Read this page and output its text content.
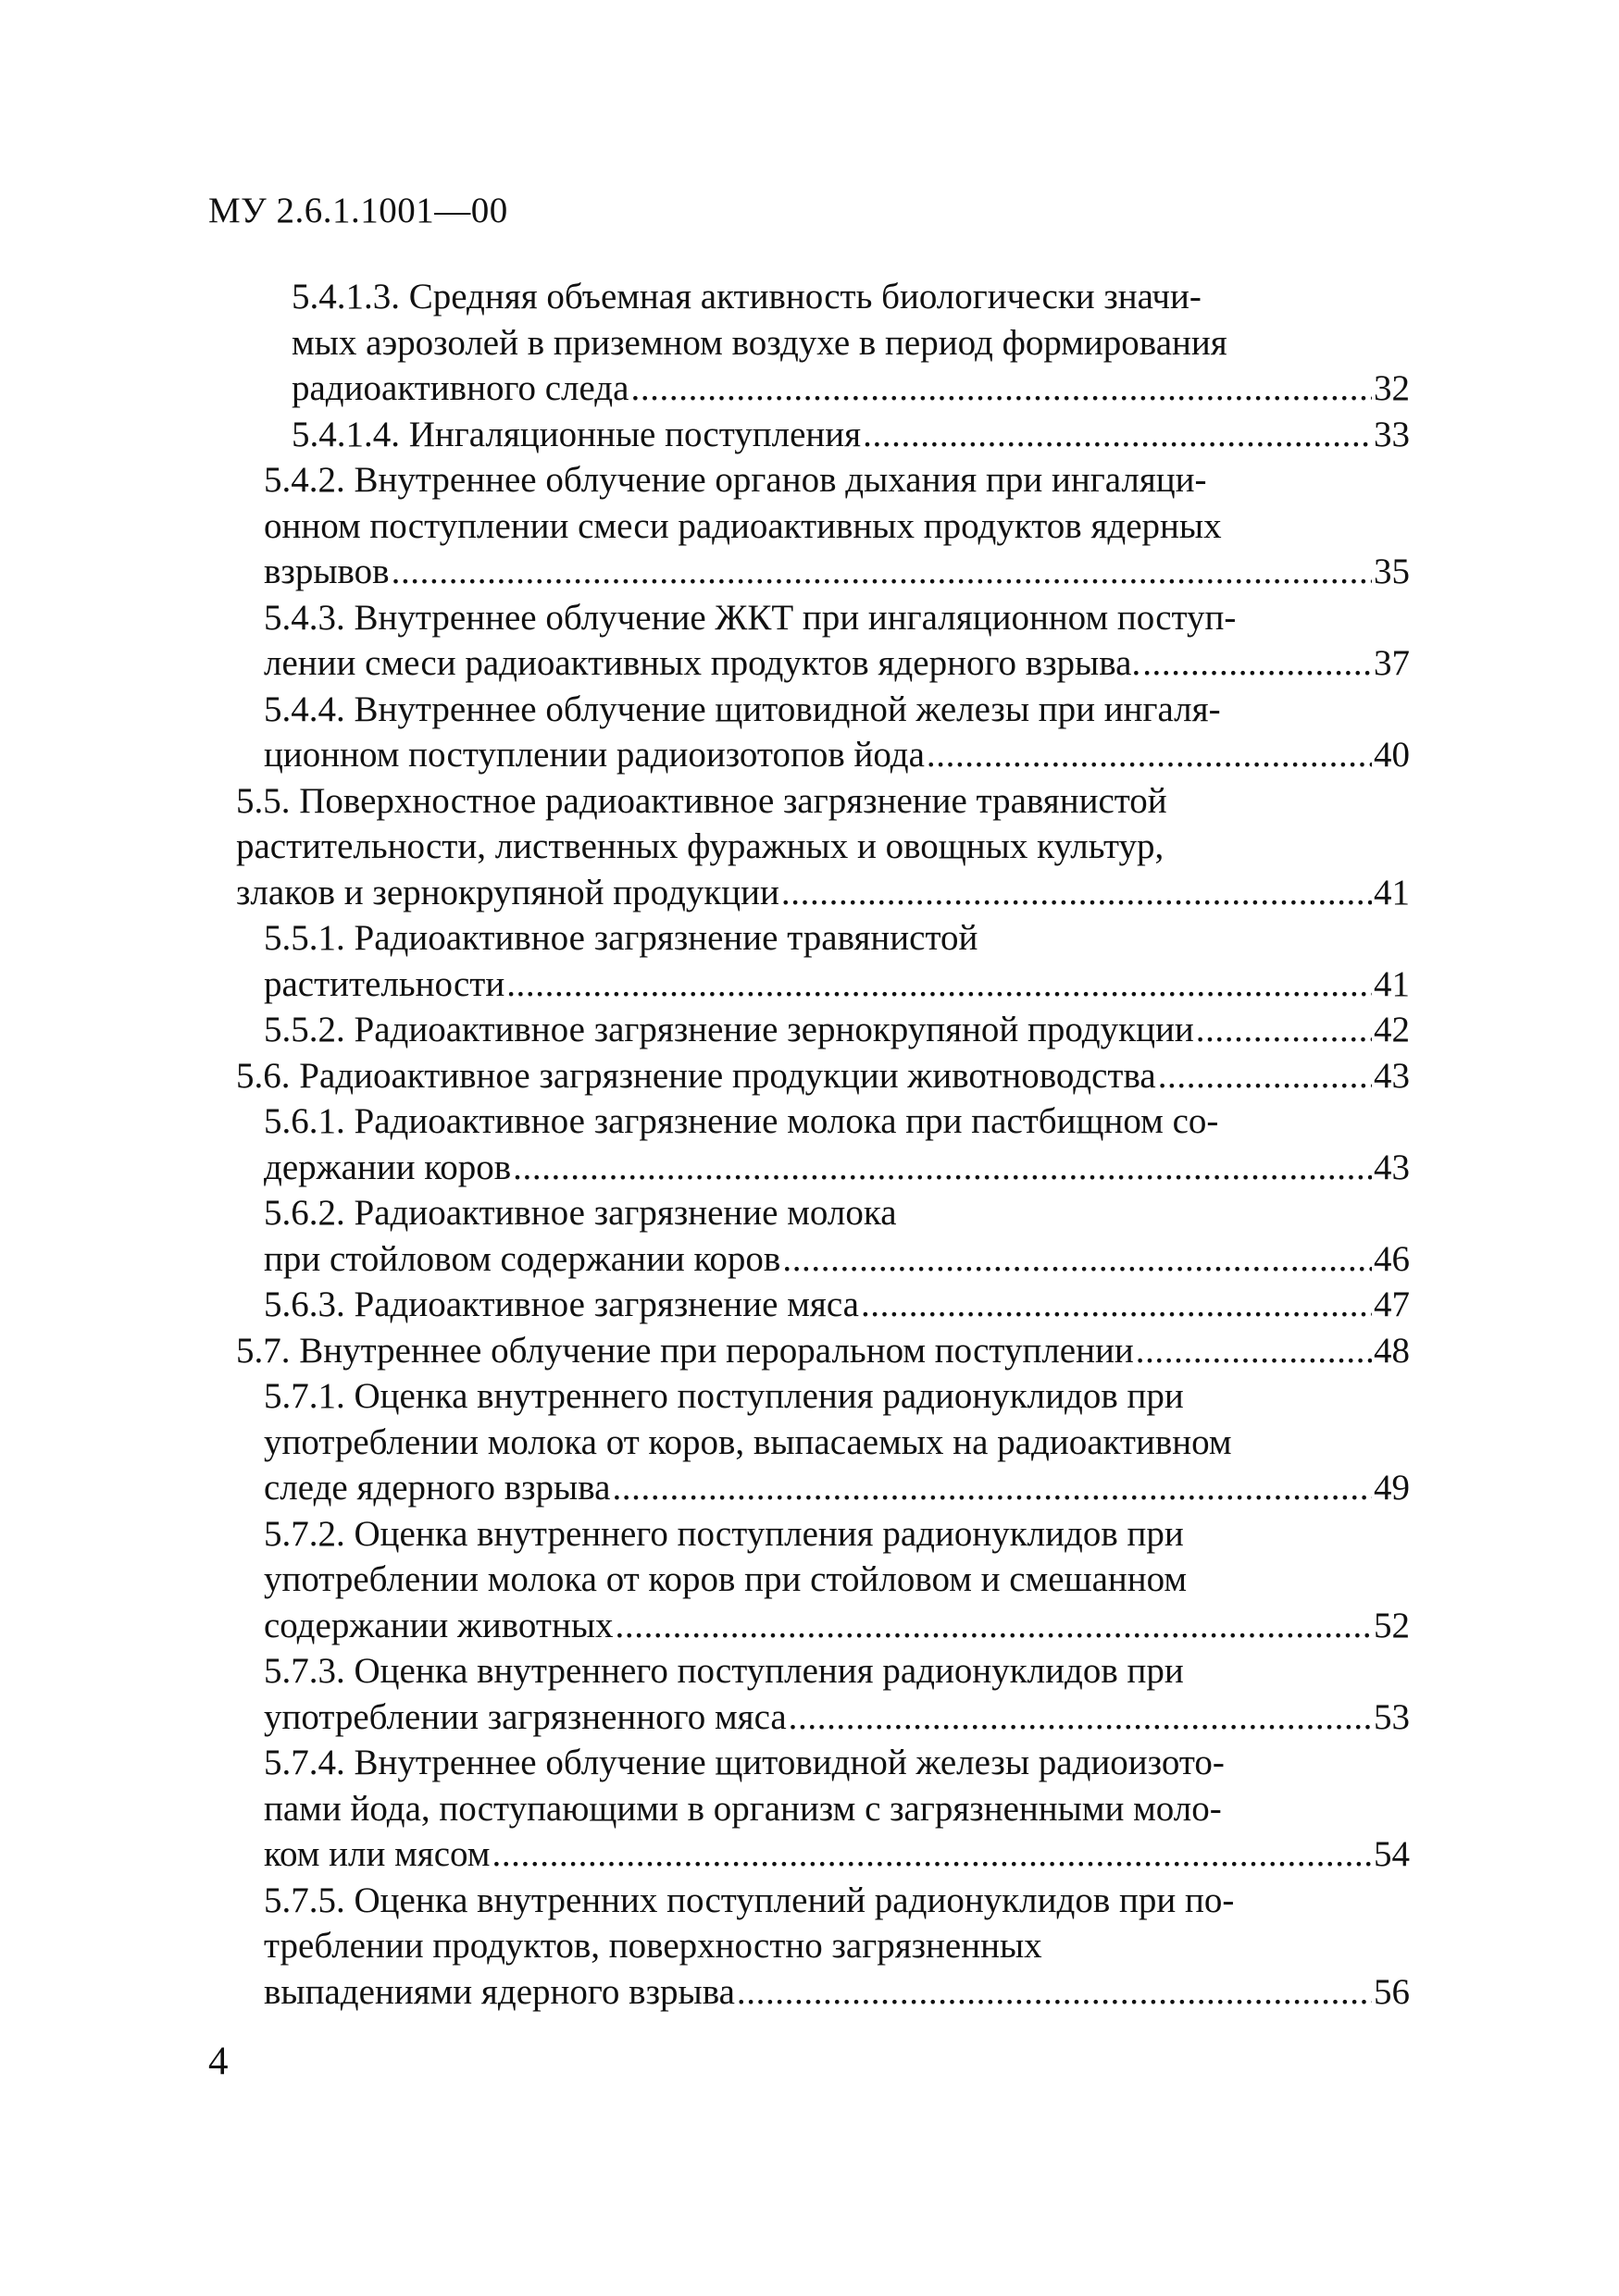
МУ 2.6.1.1001—00
5.4.1.3. Средняя объемная активность биологически значи-
мых аэрозолей в приземном воздухе в период формирования
радиоактивного следа .....	32
5.4.1.4. Ингаляционные поступления .....	33
5.4.2. Внутреннее облучение органов дыхания при ингаляци-
онном поступлении смеси радиоактивных продуктов ядерных
взрывов .....	35
5.4.3. Внутреннее облучение ЖКТ при ингаляционном поступ-
лении смеси радиоактивных продуктов ядерного взрыва. .....	37
5.4.4. Внутреннее облучение щитовидной железы при ингаля-
ционном поступлении радиоизотопов йода .....	40
5.5. Поверхностное радиоактивное загрязнение травянистой
растительности, лиственных фуражных и овощных культур,
злаков и зернокрупяной продукции .....	41
5.5.1. Радиоактивное загрязнение травянистой
растительности .....	41
5.5.2. Радиоактивное загрязнение зернокрупяной продукции .....	42
5.6. Радиоактивное загрязнение продукции животноводства .....	43
5.6.1. Радиоактивное загрязнение молока при пастбищном со-
держании коров .....	43
5.6.2. Радиоактивное загрязнение молока
при стойловом содержании коров .....	46
5.6.3. Радиоактивное загрязнение мяса .....	47
5.7. Внутреннее облучение при пероральном поступлении .....	48
5.7.1. Оценка внутреннего поступления радионуклидов при
употреблении молока от коров, выпасаемых на радиоактивном
следе ядерного взрыва .....	49
5.7.2. Оценка внутреннего поступления радионуклидов при
употреблении молока от коров при стойловом и смешанном
содержании животных .....	52
5.7.3. Оценка внутреннего поступления радионуклидов при
употреблении загрязненного мяса .....	53
5.7.4. Внутреннее облучение щитовидной железы радиоизото-
пами йода, поступающими в организм с загрязненными моло-
ком или мясом .....	54
5.7.5. Оценка внутренних поступлений радионуклидов при по-
треблении продуктов, поверхностно загрязненных
выпадениями ядерного взрыва .....	56
4
